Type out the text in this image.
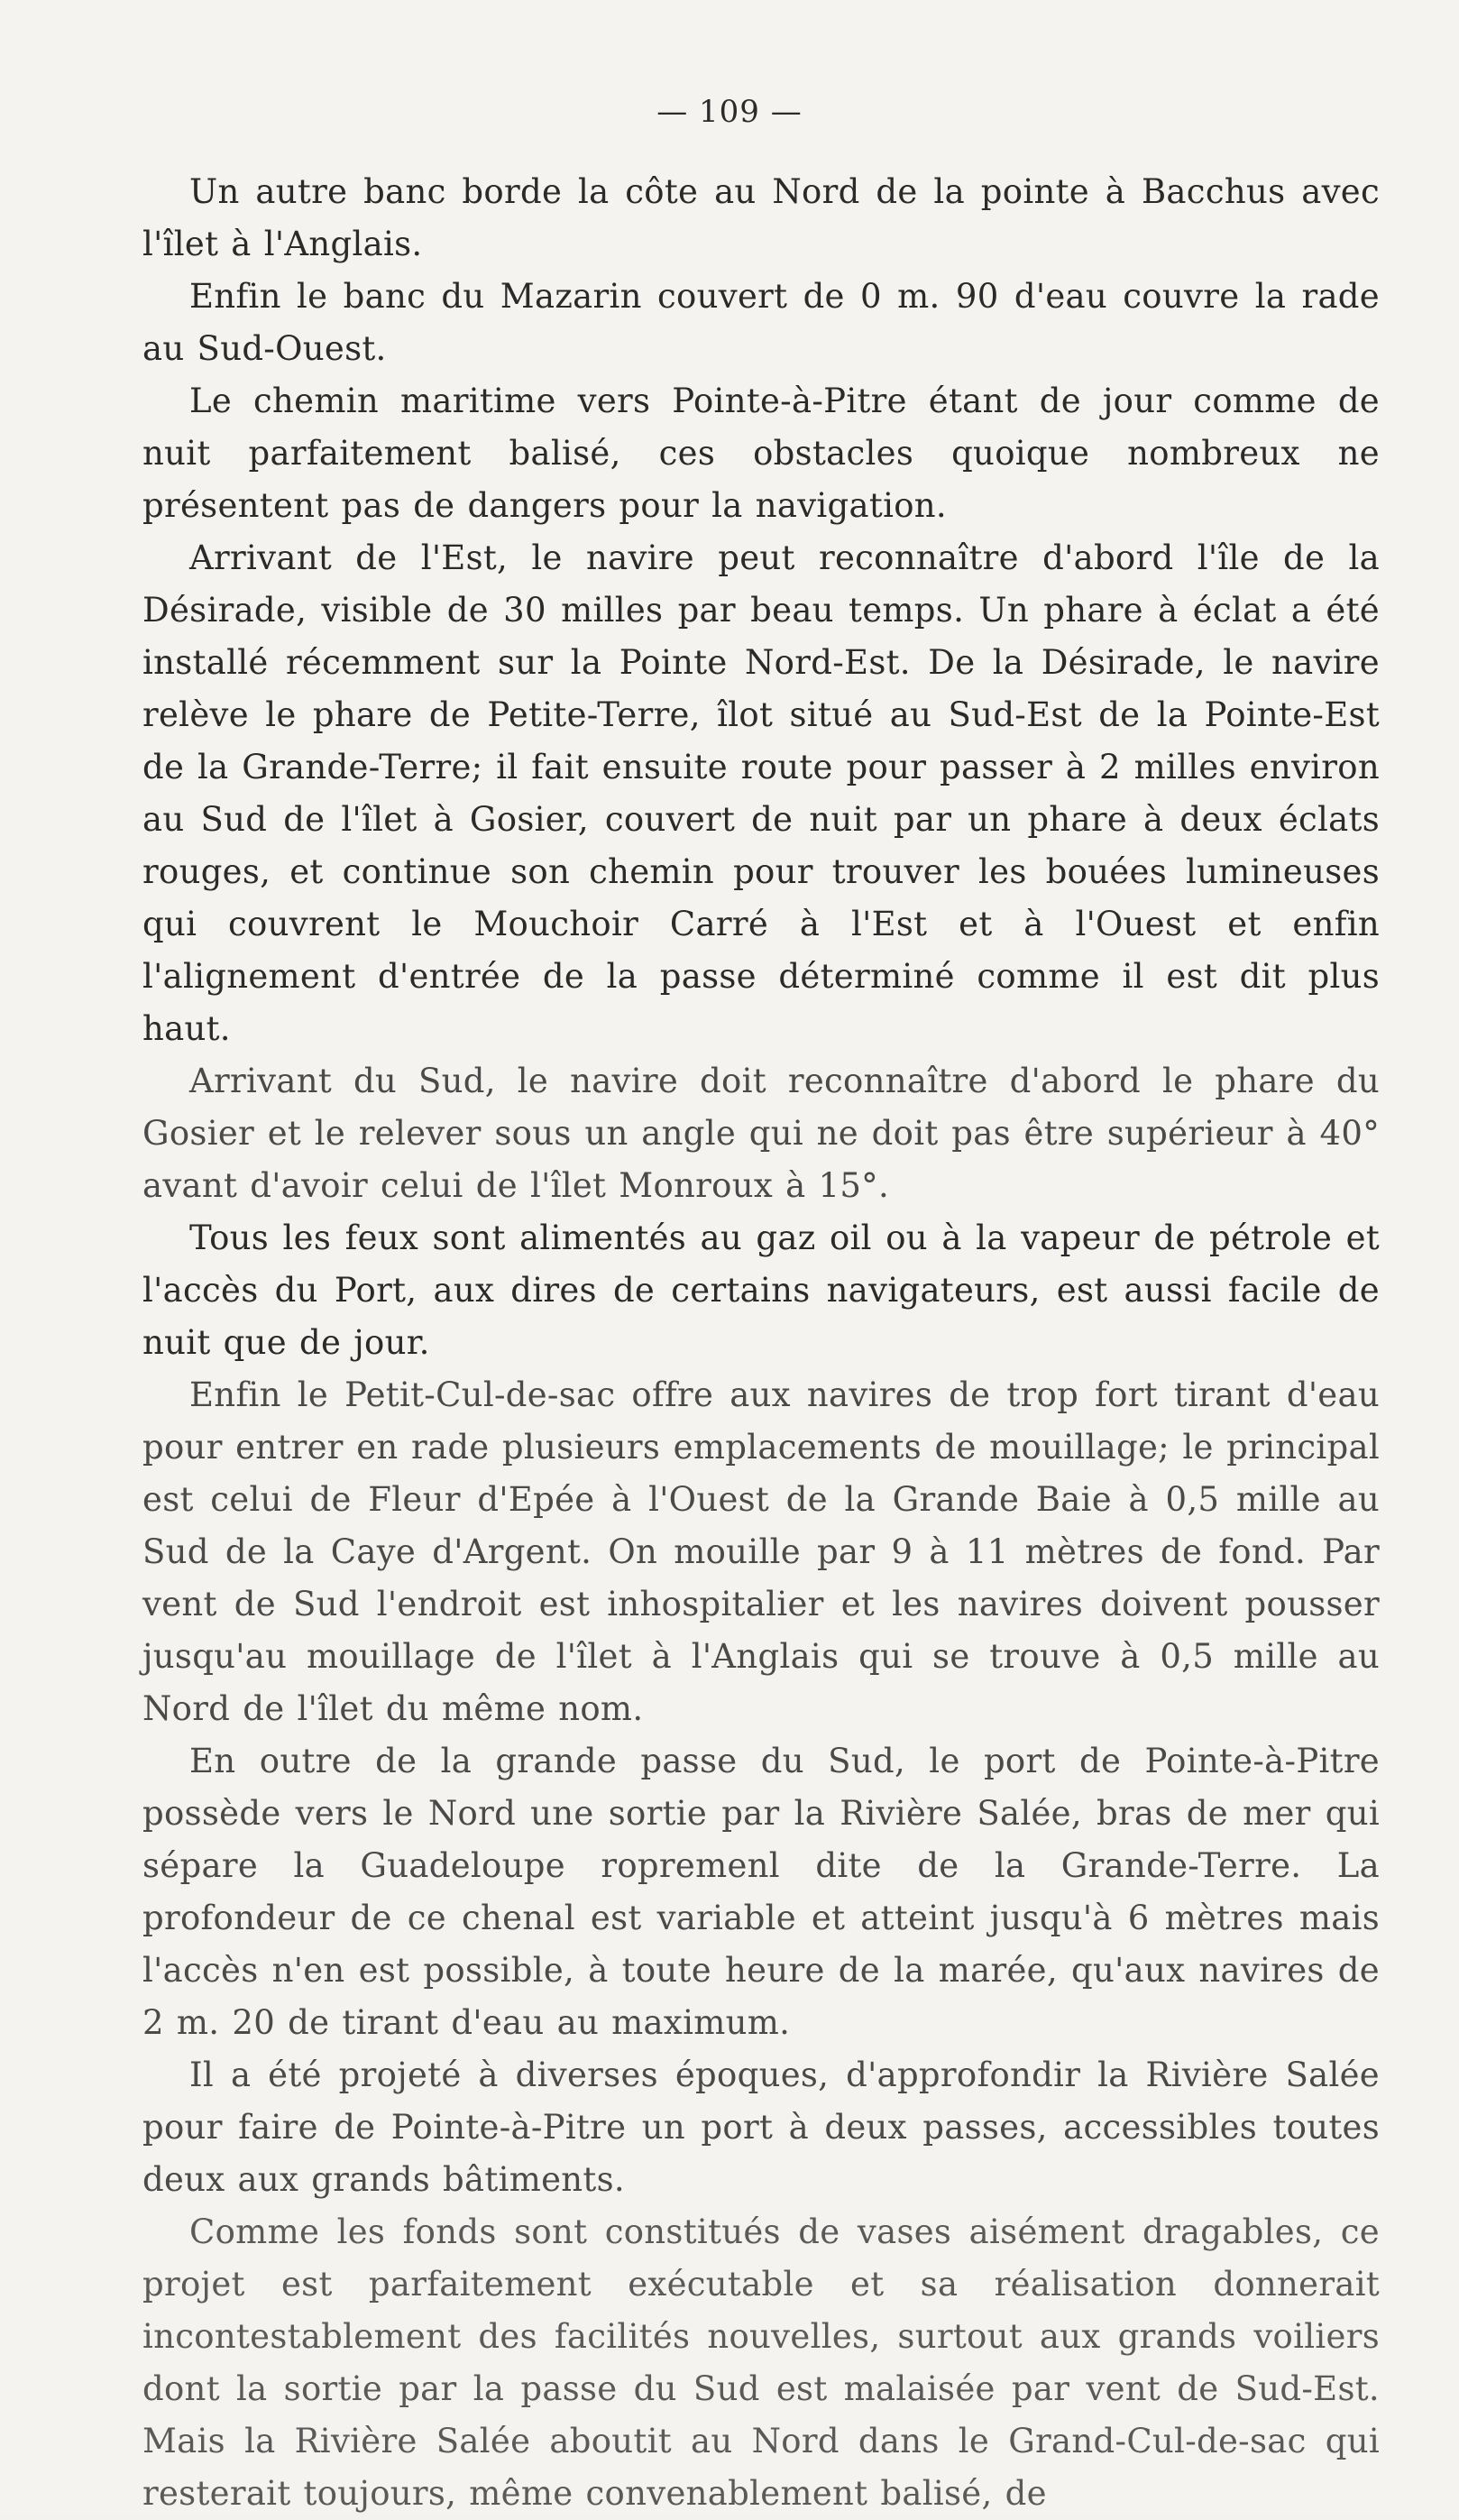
— 109 —

Un autre banc borde la côte au Nord de la pointe à Bacchus avec l'îlet à l'Anglais.

Enfin le banc du Mazarin couvert de 0 m. 90 d'eau couvre la rade au Sud-Ouest.

Le chemin maritime vers Pointe-à-Pitre étant de jour comme de nuit parfaitement balisé, ces obstacles quoique nombreux ne présentent pas de dangers pour la navigation.

Arrivant de l'Est, le navire peut reconnaître d'abord l'île de la Désirade, visible de 30 milles par beau temps. Un phare à éclat a été installé récemment sur la Pointe Nord-Est. De la Désirade, le navire relève le phare de Petite-Terre, îlot situé au Sud-Est de la Pointe-Est de la Grande-Terre; il fait ensuite route pour passer à 2 milles environ au Sud de l'îlet à Gosier, couvert de nuit par un phare à deux éclats rouges, et continue son chemin pour trouver les bouées lumineuses qui couvrent le Mouchoir Carré à l'Est et à l'Ouest et enfin l'alignement d'entrée de la passe déterminé comme il est dit plus haut.

Arrivant du Sud, le navire doit reconnaître d'abord le phare du Gosier et le relever sous un angle qui ne doit pas être supérieur à 40° avant d'avoir celui de l'îlet Monroux à 15°.

Tous les feux sont alimentés au gaz oil ou à la vapeur de pétrole et l'accès du Port, aux dires de certains navigateurs, est aussi facile de nuit que de jour.

Enfin le Petit-Cul-de-sac offre aux navires de trop fort tirant d'eau pour entrer en rade plusieurs emplacements de mouillage; le principal est celui de Fleur d'Epée à l'Ouest de la Grande Baie à 0,5 mille au Sud de la Caye d'Argent. On mouille par 9 à 11 mètres de fond. Par vent de Sud l'endroit est inhospitalier et les navires doivent pousser jusqu'au mouillage de l'îlet à l'Anglais qui se trouve à 0,5 mille au Nord de l'îlet du même nom.

En outre de la grande passe du Sud, le port de Pointe-à-Pitre possède vers le Nord une sortie par la Rivière Salée, bras de mer qui sépare la Guadeloupe ropremenl dite de la Grande-Terre. La profondeur de ce chenal est variable et atteint jusqu'à 6 mètres mais l'accès n'en est possible, à toute heure de la marée, qu'aux navires de 2 m. 20 de tirant d'eau au maximum.

Il a été projeté à diverses époques, d'approfondir la Rivière Salée pour faire de Pointe-à-Pitre un port à deux passes, accessibles toutes deux aux grands bâtiments.

Comme les fonds sont constitués de vases aisément dragables, ce projet est parfaitement exécutable et sa réalisation donnerait incontestablement des facilités nouvelles, surtout aux grands voiliers dont la sortie par la passe du Sud est malaisée par vent de Sud-Est. Mais la Rivière Salée aboutit au Nord dans le Grand-Cul-de-sac qui resterait toujours, même convenablement balisé, de
